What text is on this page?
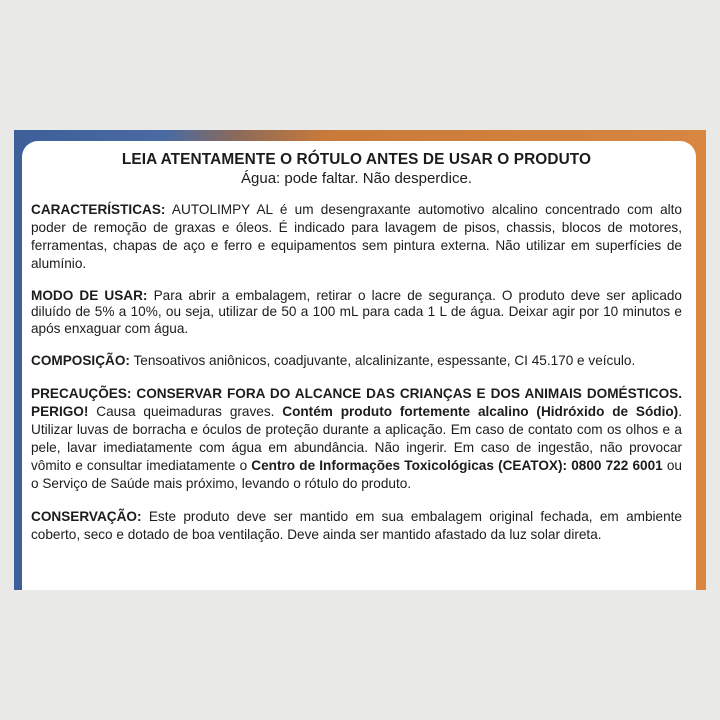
LEIA ATENTAMENTE O RÓTULO ANTES DE USAR O PRODUTO

Água: pode faltar. Não desperdice.

CARACTERÍSTICAS: AUTOLIMPY AL é um desengraxante automotivo alcalino concentrado com alto poder de remoção de graxas e óleos. É indicado para lavagem de pisos, chassis, blocos de motores, ferramentas, chapas de aço e ferro e equipamentos sem pintura externa. Não utilizar em superfícies de alumínio.

MODO DE USAR: Para abrir a embalagem, retirar o lacre de segurança. O produto deve ser aplicado diluído de 5% a 10%, ou seja, utilizar de 50 a 100 mL para cada 1 L de água. Deixar agir por 10 minutos e após enxaguar com água.

COMPOSIÇÃO: Tensoativos aniônicos, coadjuvante, alcalinizante, espessante, CI 45.170 e veículo.

PRECAUÇÕES: CONSERVAR FORA DO ALCANCE DAS CRIANÇAS E DOS ANIMAIS DOMÉSTICOS. PERIGO! Causa queimaduras graves. Contém produto fortemente alcalino (Hidróxido de Sódio). Utilizar luvas de borracha e óculos de proteção durante a aplicação. Em caso de contato com os olhos e a pele, lavar imediatamente com água em abundância. Não ingerir. Em caso de ingestão, não provocar vômito e consultar imediatamente o Centro de Informações Toxicológicas (CEATOX): 0800 722 6001 ou o Serviço de Saúde mais próximo, levando o rótulo do produto.

CONSERVAÇÃO: Este produto deve ser mantido em sua embalagem original fechada, em ambiente coberto, seco e dotado de boa ventilação. Deve ainda ser mantido afastado da luz solar direta.
